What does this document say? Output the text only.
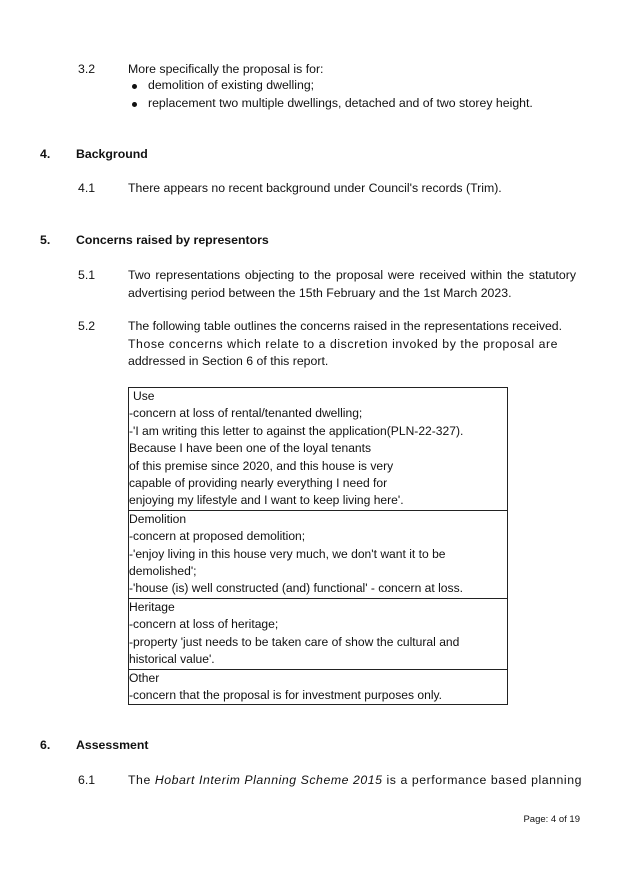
3.2	More specifically the proposal is for:
demolition of existing dwelling;
replacement two multiple dwellings, detached and of two storey height.
4. Background
4.1	There appears no recent background under Council's records (Trim).
5. Concerns raised by representors
5.1	Two representations objecting to the proposal were received within the statutory advertising period between the 15th February and the 1st March 2023.
5.2	The following table outlines the concerns raised in the representations received.
Those concerns which relate to a discretion invoked by the proposal are
addressed in Section 6 of this report.
Use
-concern at loss of rental/tenanted dwelling;
-'I am writing this letter to against the application(PLN-22-327).
Because I have been one of the loyal tenants
of this premise since 2020, and this house is very
capable of providing nearly everything I need for
enjoying my lifestyle and I want to keep living here'.

Demolition
-concern at proposed demolition;
-'enjoy living in this house very much, we don't want it to be
demolished';
-'house (is) well constructed (and) functional' - concern at loss.

Heritage
-concern at loss of heritage;
-property 'just needs to be taken care of show the cultural and
historical value'.

Other
-concern that the proposal is for investment purposes only.
6. Assessment
6.1	The Hobart Interim Planning Scheme 2015 is a performance based planning
Page: 4 of 19
